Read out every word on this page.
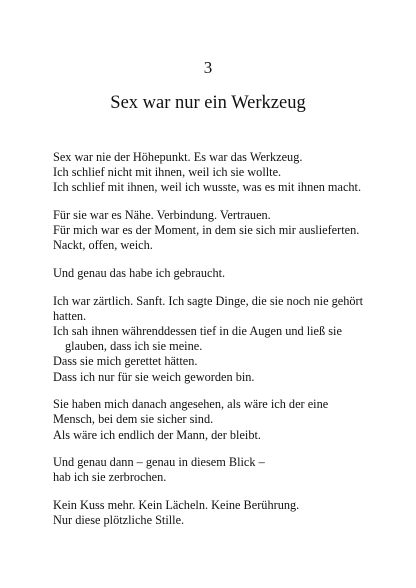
3
Sex war nur ein Werkzeug

Sex war nie der Höhepunkt. Es war das Werkzeug.
Ich schlief nicht mit ihnen, weil ich sie wollte.
Ich schlief mit ihnen, weil ich wusste, was es mit ihnen macht.

Für sie war es Nähe. Verbindung. Vertrauen.
Für mich war es der Moment, in dem sie sich mir auslieferten.
Nackt, offen, weich.

Und genau das habe ich gebraucht.

Ich war zärtlich. Sanft. Ich sagte Dinge, die sie noch nie gehört
hatten.
Ich sah ihnen währenddessen tief in die Augen und ließ sie
glauben, dass ich sie meine.
Dass sie mich gerettet hätten.
Dass ich nur für sie weich geworden bin.

Sie haben mich danach angesehen, als wäre ich der eine
Mensch, bei dem sie sicher sind.
Als wäre ich endlich der Mann, der bleibt.

Und genau dann – genau in diesem Blick –
hab ich sie zerbrochen.

Kein Kuss mehr. Kein Lächeln. Keine Berührung.
Nur diese plötzliche Stille.
